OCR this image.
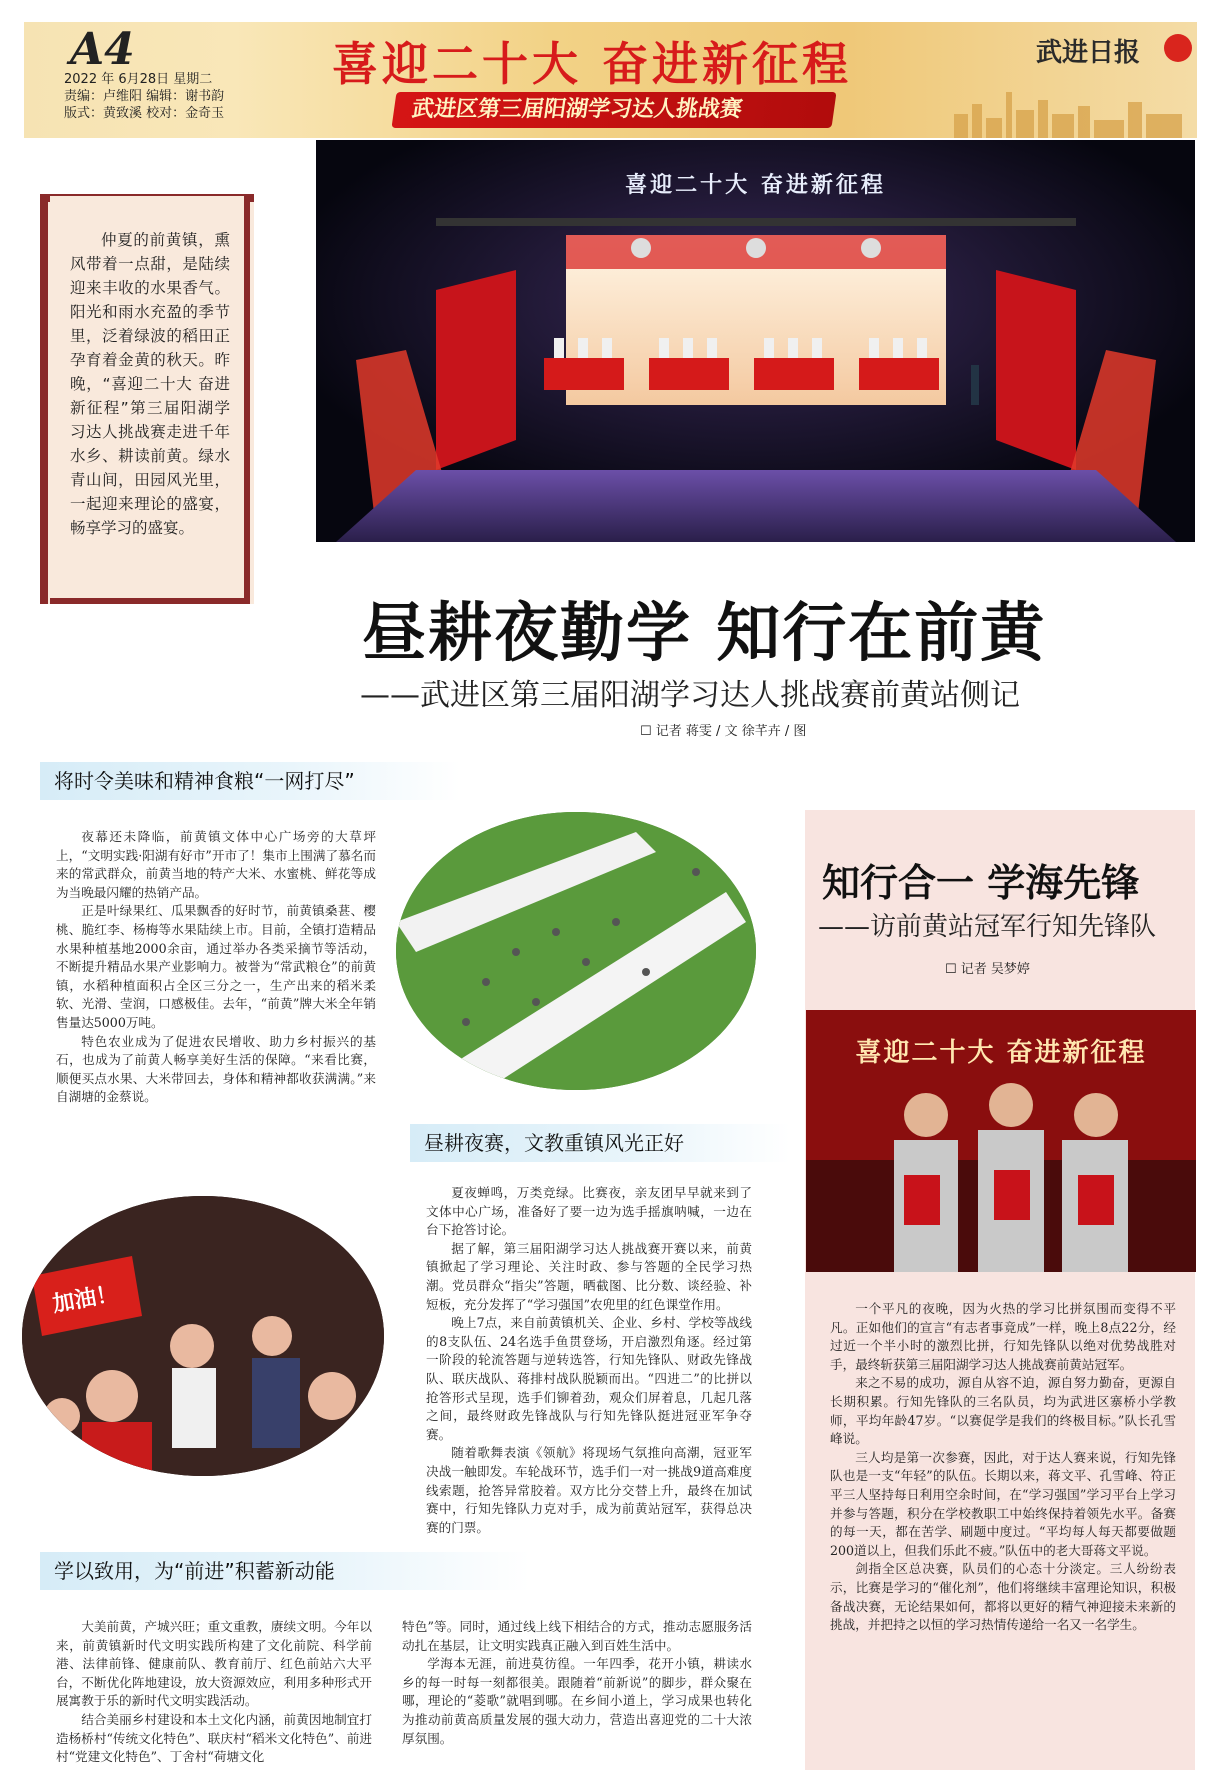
A4
2022 年 6月28日 星期二
责编：卢维阳 编辑：谢书韵
版式：黄致溪 校对：金奇玉
喜迎二十大 奋进新征程
武进区第三届阳湖学习达人挑战赛
武进日报
仲夏的前黄镇，熏风带着一点甜，是陆续迎来丰收的水果香气。阳光和雨水充盈的季节里，泛着绿波的稻田正孕育着金黄的秋天。昨晚，“喜迎二十大 奋进新征程”第三届阳湖学习达人挑战赛走进千年水乡、耕读前黄。绿水青山间，田园风光里，一起迎来理论的盛宴，畅享学习的盛宴。
喜迎二十大 奋进新征程
昼耕夜勤学 知行在前黄
——武进区第三届阳湖学习达人挑战赛前黄站侧记
☐ 记者 蒋雯 / 文 徐芊卉 / 图
将时令美味和精神食粮“一网打尽”

夜幕还未降临，前黄镇文体中心广场旁的大草坪上，“文明实践·阳湖有好市”开市了！集市上围满了慕名而来的常武群众，前黄当地的特产大米、水蜜桃、鲜花等成为当晚最闪耀的热销产品。

正是叶绿果红、瓜果飘香的好时节，前黄镇桑葚、樱桃、脆红李、杨梅等水果陆续上市。目前，全镇打造精品水果种植基地2000余亩，通过举办各类采摘节等活动，不断提升精品水果产业影响力。被誉为“常武粮仓”的前黄镇，水稻种植面积占全区三分之一，生产出来的稻米柔软、光滑、莹润，口感极佳。去年，“前黄”牌大米全年销售量达5000万吨。

特色农业成为了促进农民增收、助力乡村振兴的基石，也成为了前黄人畅享美好生活的保障。“来看比赛，顺便买点水果、大米带回去，身体和精神都收获满满。”来自湖塘的金蔡说。

昼耕夜赛，文教重镇风光正好

夏夜蝉鸣，万类竞绿。比赛夜，亲友团早早就来到了文体中心广场，准备好了要一边为选手摇旗呐喊，一边在台下抢答讨论。

据了解，第三届阳湖学习达人挑战赛开赛以来，前黄镇掀起了学习理论、关注时政、参与答题的全民学习热潮。党员群众“指尖”答题，晒截图、比分数、谈经验、补短板，充分发挥了“学习强国”农兜里的红色课堂作用。

晚上7点，来自前黄镇机关、企业、乡村、学校等战线的8支队伍、24名选手鱼贯登场，开启激烈角逐。经过第一阶段的轮流答题与逆转选答，行知先锋队、财政先锋战队、联庆战队、蒋排村战队脱颖而出。“四进二”的比拼以抢答形式呈现，选手们铆着劲，观众们屏着息，几起几落之间，最终财政先锋战队与行知先锋队挺进冠亚军争夺赛。

随着歌舞表演《领航》将现场气氛推向高潮，冠亚军决战一触即发。车轮战环节，选手们一对一挑战9道高难度线索题，抢答异常胶着。双方比分交替上升，最终在加试赛中，行知先锋队力克对手，成为前黄站冠军，获得总决赛的门票。

加油！
学以致用，为“前进”积蓄新动能

大美前黄，产城兴旺；重文重教，赓续文明。今年以来，前黄镇新时代文明实践所构建了文化前院、科学前港、法律前锋、健康前队、教育前厅、红色前站六大平台，不断优化阵地建设，放大资源效应，利用多种形式开展寓教于乐的新时代文明实践活动。

结合美丽乡村建设和本土文化内涵，前黄因地制宜打造杨桥村“传统文化特色”、联庆村“稻米文化特色”、前进村“党建文化特色”、丁舍村“荷塘文化

特色”等。同时，通过线上线下相结合的方式，推动志愿服务活动扎在基层，让文明实践真正融入到百姓生活中。

学海本无涯，前进莫彷徨。一年四季，花开小镇，耕读水乡的每一时每一刻都很美。跟随着“前新说”的脚步，群众聚在哪，理论的“菱歌”就唱到哪。在乡间小道上，学习成果也转化为推动前黄高质量发展的强大动力，营造出喜迎党的二十大浓厚氛围。

知行合一 学海先锋
——访前黄站冠军行知先锋队
☐ 记者 吴梦婷
喜迎二十大 奋进新征程

一个平凡的夜晚，因为火热的学习比拼氛围而变得不平凡。正如他们的宣言“有志者事竟成”一样，晚上8点22分，经过近一个半小时的激烈比拼，行知先锋队以绝对优势战胜对手，最终斩获第三届阳湖学习达人挑战赛前黄站冠军。

来之不易的成功，源自从容不迫，源自努力勤奋，更源自长期积累。行知先锋队的三名队员，均为武进区寨桥小学教师，平均年龄47岁。“以赛促学是我们的终极目标。”队长孔雪峰说。

三人均是第一次参赛，因此，对于达人赛来说，行知先锋队也是一支“年轻”的队伍。长期以来，蒋文平、孔雪峰、符正平三人坚持每日利用空余时间，在“学习强国”学习平台上学习并参与答题，积分在学校教职工中始终保持着领先水平。备赛的每一天，都在苦学、刷题中度过。“平均每人每天都要做题200道以上，但我们乐此不疲。”队伍中的老大哥蒋文平说。

剑指全区总决赛，队员们的心态十分淡定。三人纷纷表示，比赛是学习的“催化剂”，他们将继续丰富理论知识，积极备战决赛，无论结果如何，都将以更好的精气神迎接未来新的挑战，并把持之以恒的学习热情传递给一名又一名学生。
